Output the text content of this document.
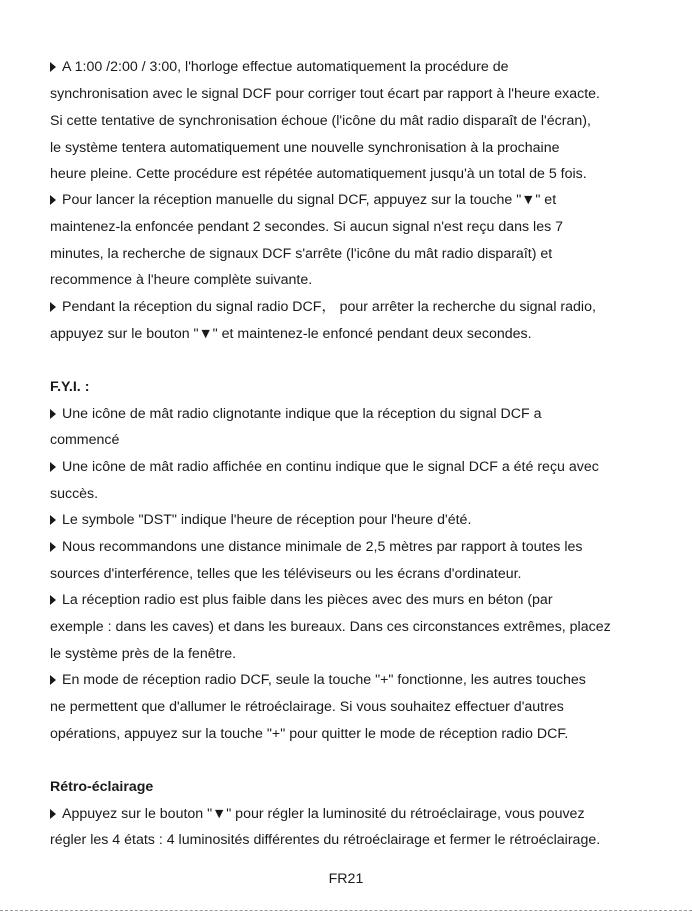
A 1:00 /2:00 / 3:00, l'horloge effectue automatiquement la procédure de

synchronisation avec le signal DCF pour corriger tout écart par rapport à l'heure exacte.

Si cette tentative de synchronisation échoue (l'icône du mât radio disparaît de l'écran),

le système tentera automatiquement une nouvelle synchronisation à la prochaine

heure pleine. Cette procédure est répétée automatiquement jusqu'à un total de 5 fois.

Pour lancer la réception manuelle du signal DCF, appuyez sur la touche "▼" et

maintenez-la enfoncée pendant 2 secondes. Si aucun signal n'est reçu dans les 7

minutes, la recherche de signaux DCF s'arrête (l'icône du mât radio disparaît) et

recommence à l'heure complète suivante.

Pendant la réception du signal radio DCF， pour arrêter la recherche du signal radio,

appuyez sur le bouton "▼" et maintenez-le enfoncé pendant deux secondes.

F.Y.I. :

Une icône de mât radio clignotante indique que la réception du signal DCF a

commencé

Une icône de mât radio affichée en continu indique que le signal DCF a été reçu avec

succès.

Le symbole "DST" indique l'heure de réception pour l'heure d'été.

Nous recommandons une distance minimale de 2,5 mètres par rapport à toutes les

sources d'interférence, telles que les téléviseurs ou les écrans d'ordinateur.

La réception radio est plus faible dans les pièces avec des murs en béton (par

exemple : dans les caves) et dans les bureaux. Dans ces circonstances extrêmes, placez

le système près de la fenêtre.

En mode de réception radio DCF, seule la touche "+" fonctionne, les autres touches

ne permettent que d'allumer le rétroéclairage. Si vous souhaitez effectuer d'autres

opérations, appuyez sur la touche "+" pour quitter le mode de réception radio DCF.

Rétro-éclairage

Appuyez sur le bouton "▼" pour régler la luminosité du rétroéclairage, vous pouvez

régler les 4 états : 4 luminosités différentes du rétroéclairage et fermer le rétroéclairage.

FR21
